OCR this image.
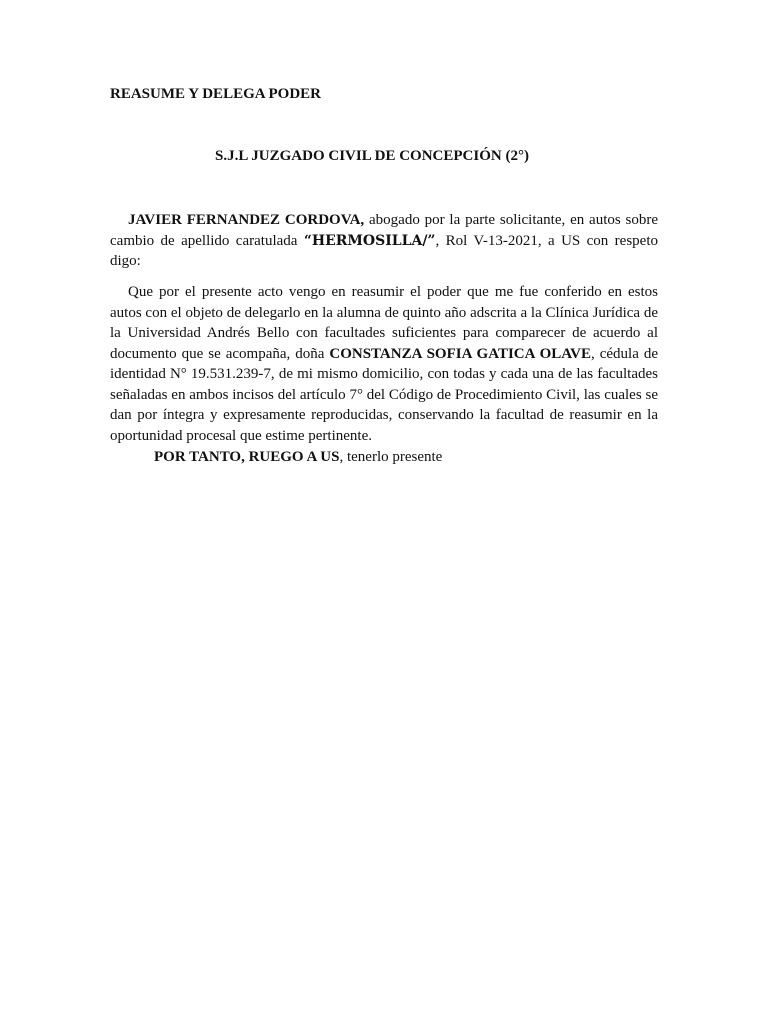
REASUME Y DELEGA PODER
S.J.L JUZGADO CIVIL DE CONCEPCIÓN (2°)

JAVIER FERNANDEZ CORDOVA, abogado por la parte solicitante, en autos sobre cambio de apellido caratulada “HERMOSILLA/”, Rol V-13-2021, a US con respeto digo:

Que por el presente acto vengo en reasumir el poder que me fue conferido en estos autos con el objeto de delegarlo en la alumna de quinto año adscrita a la Clínica Jurídica de la Universidad Andrés Bello con facultades suficientes para comparecer de acuerdo al documento que se acompaña, doña CONSTANZA SOFIA GATICA OLAVE, cédula de identidad N° 19.531.239-7, de mi mismo domicilio, con todas y cada una de las facultades señaladas en ambos incisos del artículo 7° del Código de Procedimiento Civil, las cuales se dan por íntegra y expresamente reproducidas, conservando la facultad de reasumir en la oportunidad procesal que estime pertinente.

POR TANTO, RUEGO A US, tenerlo presente
